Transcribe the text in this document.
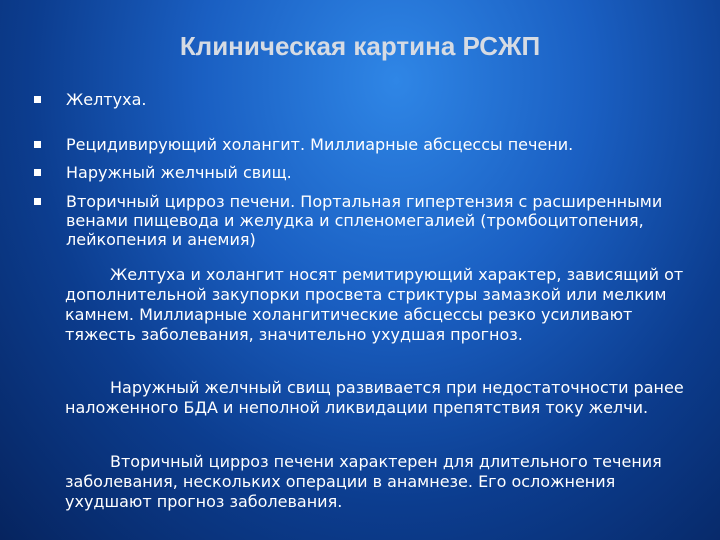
Клиническая картина РСЖП
Желтуха.
Рецидивирующий холангит. Миллиарные абсцессы печени.
Наружный желчный свищ.
Вторичный цирроз печени. Портальная гипертензия с расширенными венами пищевода и желудка и спленомегалией (тромбоцитопения, лейкопения и анемия)
Желтуха и холангит носят ремитирующий характер, зависящий от дополнительной закупорки просвета стриктуры замазкой или мелким камнем. Миллиарные холангитические абсцессы резко усиливают тяжесть заболевания, значительно ухудшая прогноз.
Наружный желчный свищ развивается при недостаточности ранее наложенного БДА и неполной ликвидации препятствия току желчи.
Вторичный цирроз печени характерен для длительного течения заболевания, нескольких операции в анамнезе. Его осложнения ухудшают прогноз заболевания.
